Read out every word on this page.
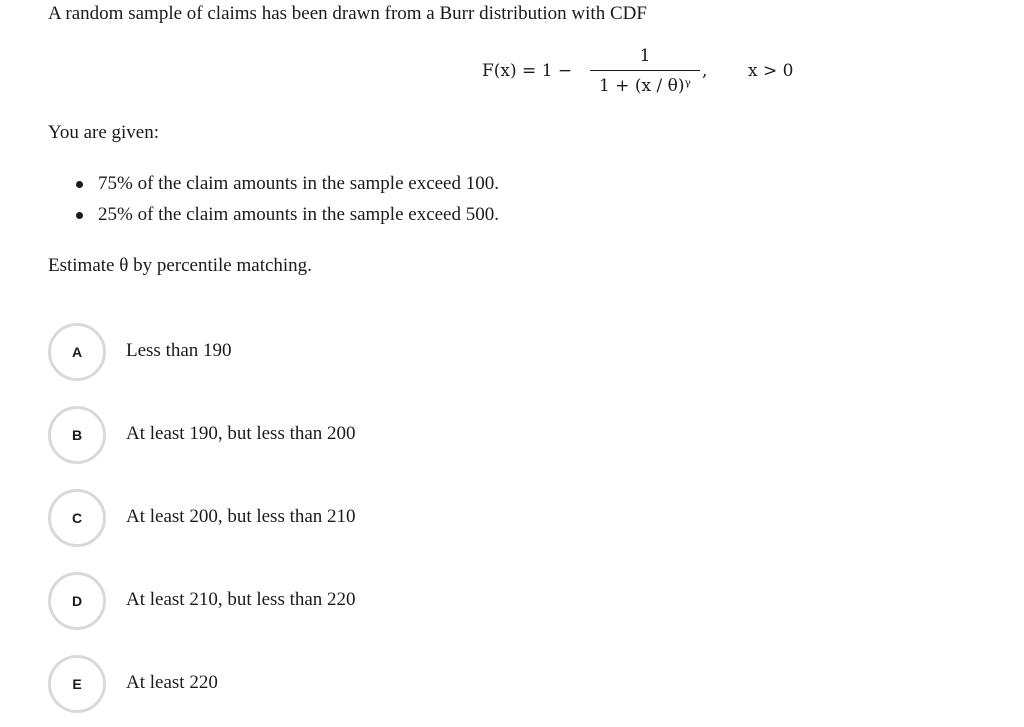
A random sample of claims has been drawn from a Burr distribution with CDF
F(x) = 1 −
1
1 + (x / θ)ᵞ
, x > 0
You are given:
75% of the claim amounts in the sample exceed 100.
25% of the claim amounts in the sample exceed 500.
Estimate θ by percentile matching.
A	Less than 190
B	At least 190, but less than 200
C	At least 200, but less than 210
D	At least 210, but less than 220
E	At least 220
